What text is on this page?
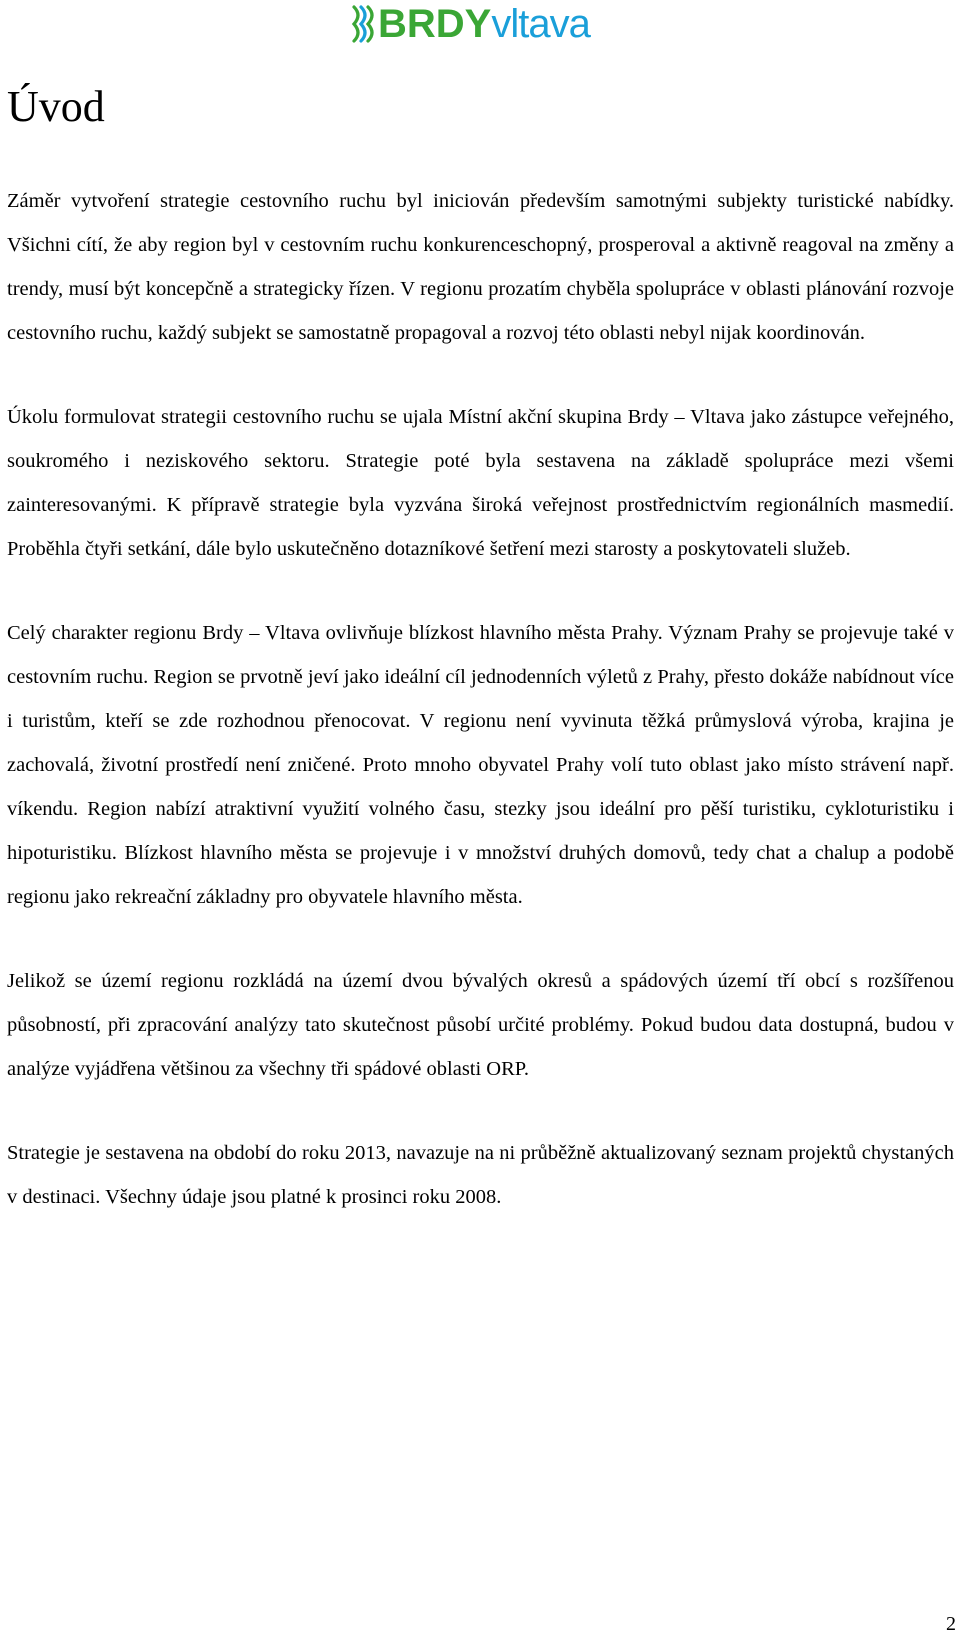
BRDY vltava
Úvod

Záměr vytvoření strategie cestovního ruchu byl iniciován především samotnými subjekty turistické nabídky. Všichni cítí, že aby region byl v cestovním ruchu konkurenceschopný, prosperoval a aktivně reagoval na změny a trendy, musí být koncepčně a strategicky řízen. V regionu prozatím chyběla spolupráce v oblasti plánování rozvoje cestovního ruchu, každý subjekt se samostatně propagoval a rozvoj této oblasti nebyl nijak koordinován.

Úkolu formulovat strategii cestovního ruchu se ujala Místní akční skupina Brdy – Vltava jako zástupce veřejného, soukromého i neziskového sektoru. Strategie poté byla sestavena na základě spolupráce mezi všemi zainteresovanými. K přípravě strategie byla vyzvána široká veřejnost prostřednictvím regionálních masmedií. Proběhla čtyři setkání, dále bylo uskutečněno dotazníkové šetření mezi starosty a poskytovateli služeb.

Celý charakter regionu Brdy – Vltava ovlivňuje blízkost hlavního města Prahy. Význam Prahy se projevuje také v cestovním ruchu. Region se prvotně jeví jako ideální cíl jednodenních výletů z Prahy, přesto dokáže nabídnout více i turistům, kteří se zde rozhodnou přenocovat. V regionu není vyvinuta těžká průmyslová výroba, krajina je zachovalá, životní prostředí není zničené. Proto mnoho obyvatel Prahy volí tuto oblast jako místo strávení např. víkendu. Region nabízí atraktivní využití volného času, stezky jsou ideální pro pěší turistiku, cykloturistiku i hipoturistiku. Blízkost hlavního města se projevuje i v množství druhých domovů, tedy chat a chalup a podobě regionu jako rekreační základny pro obyvatele hlavního města.

Jelikož se území regionu rozkládá na území dvou bývalých okresů a spádových území tří obcí s rozšířenou působností, při zpracování analýzy tato skutečnost působí určité problémy. Pokud budou data dostupná, budou v analýze vyjádřena většinou za všechny tři spádové oblasti ORP.

Strategie je sestavena na období do roku 2013, navazuje na ni průběžně aktualizovaný seznam projektů chystaných v destinaci. Všechny údaje jsou platné k prosinci roku 2008.

2
